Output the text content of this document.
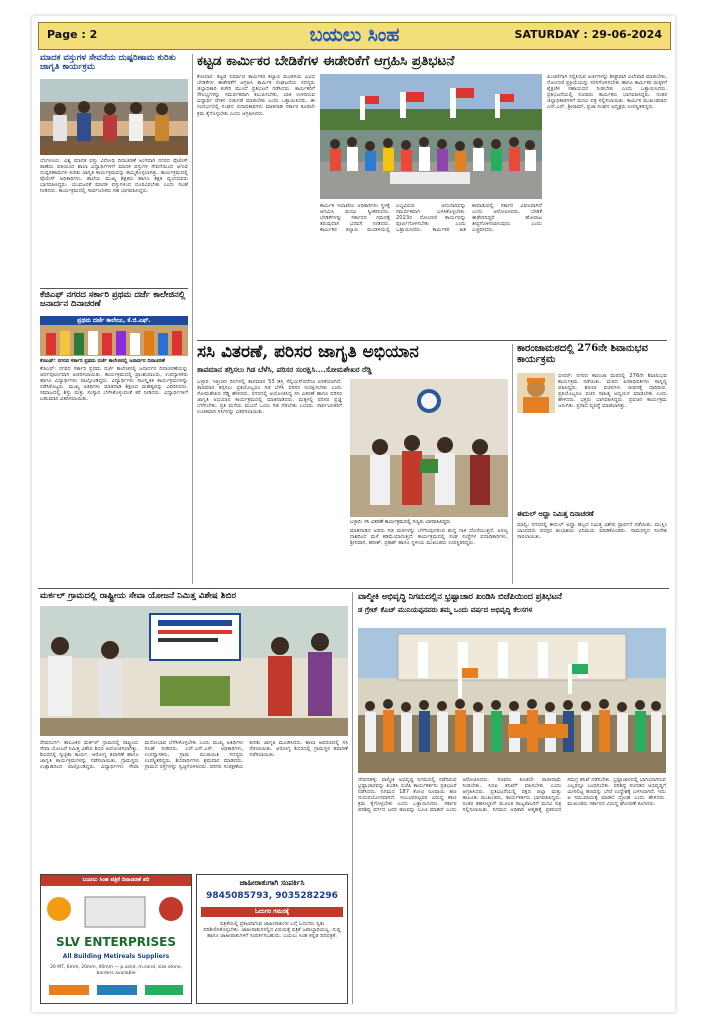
Page : 2	ಬಯಲು ಸಿಂಹ	SATURDAY : 29-06-2024
ಮಾದಕ ವಸ್ತುಗಳ ಸೇವನೆಯ ದುಷ್ಪರಿಣಾಮ ಕುರಿತು ಜಾಗೃತಿ ಕಾರ್ಯಕ್ರಮ
ಬೆಂಗಳೂರು: ವಿಶ್ವ ಮಾದಕ ವಸ್ತು ವಿರೋಧಿ ದಿನಾಚರಣೆ ಅಂಗವಾಗಿ ನಗರದ ಪೊಲೀಸ್ ಠಾಣೆಯ ವತಿಯಿಂದ ಶಾಲಾ ವಿದ್ಯಾರ್ಥಿಗಳಿಗೆ ಮಾದಕ ವಸ್ತುಗಳ ಸೇವನೆಯಿಂದ ಆಗುವ ದುಷ್ಪರಿಣಾಮಗಳ ಕುರಿತು ಜಾಗೃತಿ ಕಾರ್ಯಕ್ರಮವನ್ನು ಹಮ್ಮಿಕೊಳ್ಳಲಾಗಿತ್ತು. ಕಾರ್ಯಕ್ರಮದಲ್ಲಿ ಪೊಲೀಸ್ ಅಧಿಕಾರಿಗಳು, ಶಾಲೆಯ ಮುಖ್ಯ ಶಿಕ್ಷಕರು ಹಾಗೂ ಶಿಕ್ಷಕ ವೃಂದದವರು ಭಾಗವಹಿಸಿದ್ದರು. ಯುವಜನತೆ ಮಾದಕ ವಸ್ತುಗಳಿಂದ ದೂರವಿರಬೇಕು ಎಂದು ಸಲಹೆ ನೀಡಿದರು. ಕಾರ್ಯಕ್ರಮದಲ್ಲಿ ಸಾರ್ವಜನಿಕರು ಸಹ ಭಾಗವಹಿಸಿದ್ದರು.
ಕೆಜಿಎಫ್ ನಗರದ ಸರ್ಕಾರಿ ಪ್ರಥಮ ದರ್ಜೆ ಕಾಲೇಜಿನಲ್ಲಿ ಜನಾರ್ದನ ದಿನಾಚರಣೆ
ಪ್ರಥಮ ದರ್ಜೆ ಕಾಲೇಜು, ಕೆ.ಜಿ.ಎಫ್.
ಕೆಜಿಎಫ್: ನಗರದ ಸರ್ಕಾರಿ ಪ್ರಥಮ ದರ್ಜೆ ಕಾಲೇಜಿನಲ್ಲಿ ಜನಾರ್ದನ ದಿನಾಚರಣೆ
ಕೆಜಿಎಫ್: ನಗರದ ಸರ್ಕಾರಿ ಪ್ರಥಮ ದರ್ಜೆ ಕಾಲೇಜಿನಲ್ಲಿ ಜನಾರ್ದನ ದಿನಾಚರಣೆಯನ್ನು ಅರ್ಥಪೂರ್ಣವಾಗಿ ಆಚರಿಸಲಾಯಿತು. ಕಾರ್ಯಕ್ರಮದಲ್ಲಿ ಪ್ರಾಂಶುಪಾಲರು, ಉಪನ್ಯಾಸಕರು ಹಾಗೂ ವಿದ್ಯಾರ್ಥಿಗಳು ಪಾಲ್ಗೊಂಡಿದ್ದರು. ವಿದ್ಯಾರ್ಥಿಗಳು ಸಾಂಸ್ಕೃತಿಕ ಕಾರ್ಯಕ್ರಮಗಳನ್ನು ನಡೆಸಿಕೊಟ್ಟರು. ಮುಖ್ಯ ಅತಿಥಿಗಳು ಮಾತನಾಡಿ ಶಿಕ್ಷಣದ ಮಹತ್ವವನ್ನು ವಿವರಿಸಿದರು. ಸಮಾಜದಲ್ಲಿ ಶಿಸ್ತು ಮತ್ತು ಸಂಸ್ಕಾರ ಬೆಳೆಸಿಕೊಳ್ಳುವಂತೆ ಕರೆ ನೀಡಿದರು. ವಿದ್ಯಾರ್ಥಿಗಳಿಗೆ ಬಹುಮಾನ ವಿತರಿಸಲಾಯಿತು.
ಕಟ್ಟಡ ಕಾರ್ಮಿಕರ ಬೇಡಿಕೆಗಳ ಈಡೇರಿಕೆಗೆ ಆಗ್ರಹಿಸಿ ಪ್ರತಿಭಟನೆ
ಕೋಲಾರ: ಕಟ್ಟಡ ನಿರ್ಮಾಣ ಕಾರ್ಮಿಕರ ಕಲ್ಯಾಣ ಮಂಡಳಿಯ ವಿವಿಧ ಬೇಡಿಕೆಗಳ ಈಡೇರಿಕೆಗೆ ಆಗ್ರಹಿಸಿ ಕಾರ್ಮಿಕ ಸಂಘಟನೆಯ ಸದಸ್ಯರು ಜಿಲ್ಲಾಧಿಕಾರಿ ಕಚೇರಿ ಮುಂದೆ ಪ್ರತಿಭಟನೆ ನಡೆಸಿದರು. ಕಾರ್ಮಿಕರಿಗೆ ಸೌಲಭ್ಯಗಳನ್ನು ಸಮರ್ಪಕವಾಗಿ ತಲುಪಿಸಬೇಕು, ಬಾಕಿ ಉಳಿದಿರುವ ವಿದ್ಯಾರ್ಥಿ ವೇತನ ಬಿಡುಗಡೆ ಮಾಡಬೇಕು ಎಂದು ಒತ್ತಾಯಿಸಿದರು. ಈ ಸಂದರ್ಭದಲ್ಲಿ ಸಂಘದ ಪದಾಧಿಕಾರಿಗಳು ಮಾತನಾಡಿ ಸರ್ಕಾರ ಕೂಡಲೇ ಕ್ರಮ ಕೈಗೊಳ್ಳಬೇಕು ಎಂದು ಆಗ್ರಹಿಸಿದರು.
ಕಾರ್ಮಿಕ ಇಲಾಖೆಯ ಅಧಿಕಾರಿಗಳು ಸ್ಥಳಕ್ಕೆ ಆಗಮಿಸಿ ಮನವಿ ಸ್ವೀಕರಿಸಿದರು. ಬೇಡಿಕೆಗಳನ್ನು ಸರ್ಕಾರದ ಗಮನಕ್ಕೆ ತರುವುದಾಗಿ ಭರವಸೆ ನೀಡಿದರು. ಕಾರ್ಮಿಕರ ಕಲ್ಯಾಣ ಮಂಡಳಿಯಲ್ಲಿ ಲಭ್ಯವಿರುವ ಅನುದಾನವನ್ನು ಸಮರ್ಪಕವಾಗಿ ಬಳಸಿಕೊಳ್ಳಬೇಕು. 2023ರ ನೋಂದಣಿ ಕಾರ್ಯವನ್ನು ಪೂರ್ಣಗೊಳಿಸಬೇಕು ಎಂದು ಒತ್ತಾಯಿಸಿದರು. ಕಾರ್ಮಿಕರ ಹಿತ ಕಾಪಾಡುವಲ್ಲಿ ಸರ್ಕಾರ ವಿಫಲವಾಗಿದೆ ಎಂದು ಆರೋಪಿಸಿದರು. ಬೇಡಿಕೆ ಈಡೇರದಿದ್ದರೆ ಹೋರಾಟ ತೀವ್ರಗೊಳಿಸಲಾಗುವುದು ಎಂದು ಎಚ್ಚರಿಸಿದರು.
ಪಿಂಚಣಿಗಾಗಿ ಸಲ್ಲಿಸಿರುವ ಅರ್ಜಿಗಳನ್ನು ಶೀಘ್ರವಾಗಿ ವಿಲೇವಾರಿ ಮಾಡಬೇಕು, ನೋಂದಣಿ ಪ್ರಕ್ರಿಯೆಯನ್ನು ಸರಳಗೊಳಿಸಬೇಕು ಹಾಗೂ ಕಾರ್ಮಿಕರ ಮಕ್ಕಳಿಗೆ ಶೈಕ್ಷಣಿಕ ಸಹಾಯಧನ ನೀಡಬೇಕು ಎಂದು ಒತ್ತಾಯಿಸಿದರು. ಪ್ರತಿಭಟನೆಯಲ್ಲಿ ನೂರಾರು ಕಾರ್ಮಿಕರು ಭಾಗವಹಿಸಿದ್ದರು. ನಂತರ ಜಿಲ್ಲಾಧಿಕಾರಿಗಳಿಗೆ ಮನವಿ ಪತ್ರ ಸಲ್ಲಿಸಲಾಯಿತು. ಕಾರ್ಮಿಕ ಮುಖಂಡರಾದ ಎನ್.ಎನ್. ಶ್ರೀರಾಮ್, ಪ್ರಜಾ ಸಂಘದ ಅಧ್ಯಕ್ಷರು ಉಪಸ್ಥಿತರಿದ್ದರು.
ಸಸಿ ವಿತರಣೆ, ಪರಿಸರ ಜಾಗೃತಿ ಅಭಿಯಾನ
ತಾಪಮಾನ ತಗ್ಗಿಸಲು ಗಿಡ ಬೆಳೆಸಿ, ಪರಿಸರ ಸಂರಕ್ಷಿಸಿ....ಸೋಮಶೇಖರ ರೆಡ್ಡಿ
ಬಳ್ಳಾರಿ: ಇತ್ತೀಚಿನ ದಿನಗಳಲ್ಲಿ ತಾಪಮಾನ 53 ಡಿಗ್ರಿ ಸೆಲ್ಸಿಯಸ್‌ವರೆಗೂ ಏರಿಕೆಯಾಗಿದೆ. ತಾಪಮಾನ ತಗ್ಗಿಸಲು ಪ್ರತಿಯೊಬ್ಬರೂ ಗಿಡ ಬೆಳೆಸಿ ಪರಿಸರ ಸಂರಕ್ಷಿಸಬೇಕು ಎಂದು ಸೋಮಶೇಖರ ರೆಡ್ಡಿ ಹೇಳಿದರು. ನಗರದಲ್ಲಿ ಆಯೋಜಿಸಿದ್ದ ಸಸಿ ವಿತರಣೆ ಹಾಗೂ ಪರಿಸರ ಜಾಗೃತಿ ಅಭಿಯಾನ ಕಾರ್ಯಕ್ರಮದಲ್ಲಿ ಮಾತನಾಡಿದರು. ಮಕ್ಕಳಲ್ಲಿ ಪರಿಸರ ಪ್ರಜ್ಞೆ ಬೆಳೆಸಬೇಕು. ಪ್ರತಿ ಮನೆಯ ಮುಂದೆ ಒಂದು ಗಿಡ ನೆಡಬೇಕು ಎಂದರು. ಸಾರ್ವಜನಿಕರಿಗೆ ಉಚಿತವಾಗಿ ಸಸಿಗಳನ್ನು ವಿತರಿಸಲಾಯಿತು.
ಬಳ್ಳಾರಿ: ಸಸಿ ವಿತರಣೆ ಕಾರ್ಯಕ್ರಮದಲ್ಲಿ ಗಣ್ಯರು ಭಾಗವಹಿಸಿದ್ದರು
ಮಾತನಾಡಿದ ಅವರು ಗಿಡ ಮರಗಳನ್ನು ಬೆಳೆಸುವುದರಿಂದ ಶುದ್ಧ ಗಾಳಿ ದೊರೆಯುತ್ತದೆ. ಅರಣ್ಯ ನಾಶದಿಂದ ಮಳೆ ಕಡಿಮೆಯಾಗುತ್ತಿದೆ. ಕಾರ್ಯಕ್ರಮದಲ್ಲಿ ಸಂಘ ಸಂಸ್ಥೆಗಳ ಪದಾಧಿಕಾರಿಗಳು, ಶ್ರೀನಿವಾಸ, ಹರೀಶ್, ಪ್ರಕಾಶ್ ಹಾಗೂ ಸ್ಥಳೀಯ ಮುಖಂಡರು ಉಪಸ್ಥಿತರಿದ್ದರು.
ಕಾರಂಜಾಮಠದಲ್ಲಿ 276ನೇ ಶಿವಾನುಭವ ಕಾರ್ಯಕ್ರಮ
ಬೀದರ್: ನಗರದ ಕಾರಂಜಾ ಮಠದಲ್ಲಿ 276ನೇ ಶಿವಾನುಭವ ಕಾರ್ಯಕ್ರಮ ನಡೆಯಿತು. ಮಠದ ಪೀಠಾಧಿಪತಿಗಳು ಸಾನ್ನಿಧ್ಯ ವಹಿಸಿದ್ದರು. ಶರಣರ ವಚನಗಳು ಜೀವನಕ್ಕೆ ದಾರಿದೀಪ. ಪ್ರತಿಯೊಬ್ಬರೂ ವಚನ ಸಾಹಿತ್ಯ ಅಧ್ಯಯನ ಮಾಡಬೇಕು ಎಂದು ಹೇಳಿದರು. ಭಕ್ತರು ಭಾಗವಹಿಸಿದ್ದರು. ಪ್ರವಚನ ಕಾರ್ಯಕ್ರಮ ಜರುಗಿತು. ಪ್ರಸಾದ ವ್ಯವಸ್ಥೆ ಮಾಡಲಾಗಿತ್ತು.
ಈದುಲ್ ಅದ್ಹಾ ನಿಮಿತ್ತ ದಿನಾಚರಣೆ
ಮಾನ್ವಿ: ನಗರದಲ್ಲಿ ಈದುಲ್ ಅದ್ಹಾ ಹಬ್ಬದ ನಿಮಿತ್ತ ವಿಶೇಷ ಪ್ರಾರ್ಥನೆ ನಡೆಯಿತು. ಮುಸ್ಲಿಂ ಬಾಂಧವರು ಪರಸ್ಪರ ಶುಭಾಶಯ ವಿನಿಮಯ ಮಾಡಿಕೊಂಡರು. ಸಾಮರಸ್ಯದ ಸಂದೇಶ ಸಾರಲಾಯಿತು.
ಮರ್ಕಲ್ ಗ್ರಾಮದಲ್ಲಿ ರಾಷ್ಟ್ರೀಯ ಸೇವಾ ಯೋಜನೆ ನಿಮಿತ್ತ ವಿಶೇಷ ಶಿಬಿರ
ದೇವದುರ್ಗ: ತಾಲೂಕಿನ ಮರ್ಕಲ್ ಗ್ರಾಮದಲ್ಲಿ ರಾಷ್ಟ್ರೀಯ ಸೇವಾ ಯೋಜನೆ ನಿಮಿತ್ತ ವಿಶೇಷ ಶಿಬಿರ ಆಯೋಜಿಸಲಾಗಿತ್ತು. ಶಿಬಿರದಲ್ಲಿ ಸ್ವಚ್ಛತಾ ಕಾರ್ಯ, ಆರೋಗ್ಯ ತಪಾಸಣೆ ಹಾಗೂ ಜಾಗೃತಿ ಕಾರ್ಯಕ್ರಮಗಳನ್ನು ನಡೆಸಲಾಯಿತು. ಗ್ರಾಮಸ್ಥರು ಉತ್ಸಾಹದಿಂದ ಪಾಲ್ಗೊಂಡಿದ್ದರು. ವಿದ್ಯಾರ್ಥಿಗಳು ಸೇವಾ ಮನೋಭಾವ ಬೆಳೆಸಿಕೊಳ್ಳಬೇಕು ಎಂದು ಮುಖ್ಯ ಅತಿಥಿಗಳು ಸಲಹೆ ನೀಡಿದರು. ಎನ್.ಎಸ್.ಎಸ್. ಅಧಿಕಾರಿಗಳು, ಉಪನ್ಯಾಸಕರು, ಗ್ರಾಮ ಪಂಚಾಯಿತಿ ಸದಸ್ಯರು ಉಪಸ್ಥಿತರಿದ್ದರು. ಶಿಬಿರಾರ್ಥಿಗಳು ಶ್ರಮದಾನ ಮಾಡಿದರು. ಗ್ರಾಮದ ರಸ್ತೆಗಳನ್ನು ಸ್ವಚ್ಛಗೊಳಿಸಿದರು. ಪರಿಸರ ಸಂರಕ್ಷಣೆಯ ಕುರಿತು ಜಾಗೃತಿ ಮೂಡಿಸಿದರು. ಶಾಲಾ ಆವರಣದಲ್ಲಿ ಸಸಿ ನೆಡಲಾಯಿತು. ಆರೋಗ್ಯ ಶಿಬಿರದಲ್ಲಿ ಗ್ರಾಮಸ್ಥರ ತಪಾಸಣೆ ನಡೆಸಲಾಯಿತು.
ಬಯಲು ಸಿಂಹ ಪತ್ರಿಕೆ ದಿನಾಚರಣೆ ಪರಿ
SLV ENTERPRISES
All Building Metireals Suppliers
20 MT, 6mm, 20mm, 40mm — p.sand, m.sand, size stone, borders available
ಜಾಹೀರಾತುಗಾಗಿ ಸಂಪರ್ಕಿಸಿ
9845085793, 9035282296
ಓದುಗರ ಗಮನಕ್ಕೆ
ಪತ್ರಿಕೆಯಲ್ಲಿ ಪ್ರಕಟವಾಗುವ ಜಾಹೀರಾತುಗಳ ಬಗ್ಗೆ ಓದುಗರು ಸ್ವತಃ ಪರಿಶೀಲಿಸಿಕೊಳ್ಳಬೇಕು. ಜಾಹೀರಾತುಗಳಲ್ಲಿನ ವಿಷಯಕ್ಕೆ ಪತ್ರಿಕೆ ಜವಾಬ್ದಾರಿಯಲ್ಲ. ಸುದ್ದಿ ಹಾಗೂ ಜಾಹೀರಾತುಗಳಿಗೆ ಸಂಪರ್ಕಿಸಬಹುದು. ಬಯಲು ಸಿಂಹ ಕನ್ನಡ ದಿನಪತ್ರಿಕೆ.
ವಾಲ್ಮೀಕಿ ಅಭಿವೃದ್ಧಿ ನಿಗಮದಲ್ಲಿನ ಭ್ರಷ್ಟಾಚಾರ ಖಂಡಿಸಿ ಬಿಜೆಪಿಯಿಂದ ಪ್ರತಿಭಟನೆ
ಡ ಗ್ರೇಟ್ ಕೆಎಚ್ ಮುನಿಯಪ್ಪನವರು ತಮ್ಮ ಒಂದು ವರ್ಷದ ಅಭಿವೃದ್ಧಿ ಕೆಲಸಗಳ
ದೇವನಹಳ್ಳಿ: ವಾಲ್ಮೀಕಿ ಅಭಿವೃದ್ಧಿ ನಿಗಮದಲ್ಲಿ ನಡೆದಿರುವ ಭ್ರಷ್ಟಾಚಾರವನ್ನು ಖಂಡಿಸಿ ಬಿಜೆಪಿ ಕಾರ್ಯಕರ್ತರು ಪ್ರತಿಭಟನೆ ನಡೆಸಿದರು. ನಿಗಮದ 187 ಕೋಟಿ ರೂಪಾಯಿ ಹಣ ದುರುಪಯೋಗವಾಗಿದೆ. ಸಂಬಂಧಪಟ್ಟವರ ವಿರುದ್ಧ ಕಠಿಣ ಕ್ರಮ ಕೈಗೊಳ್ಳಬೇಕು ಎಂದು ಒತ್ತಾಯಿಸಿದರು. ಸರ್ಕಾರ ಪರಿಶಿಷ್ಟ ವರ್ಗದ ಜನರ ಹಣವನ್ನು ಲೂಟಿ ಮಾಡಿದೆ ಎಂದು ಆರೋಪಿಸಿದರು. ಸಚಿವರು ಕೂಡಲೇ ರಾಜೀನಾಮೆ ನೀಡಬೇಕು. ಸಿಬಿಐ ತನಿಖೆಗೆ ವಹಿಸಬೇಕು ಎಂದು ಆಗ್ರಹಿಸಿದರು. ಪ್ರತಿಭಟನೆಯಲ್ಲಿ ಪಕ್ಷದ ಜಿಲ್ಲಾ ಮತ್ತು ತಾಲೂಕು ಮುಖಂಡರು, ಕಾರ್ಯಕರ್ತರು ಭಾಗವಹಿಸಿದ್ದರು. ನಂತರ ತಹಸೀಲ್ದಾರ್ ಮೂಲಕ ರಾಜ್ಯಪಾಲರಿಗೆ ಮನವಿ ಪತ್ರ ಸಲ್ಲಿಸಲಾಯಿತು. ನಿಗಮದ ಅಧಿಕಾರಿ ಆತ್ಮಹತ್ಯೆ ಪ್ರಕರಣದ ಸಮಗ್ರ ತನಿಖೆ ನಡೆಸಬೇಕು. ಭ್ರಷ್ಟಾಚಾರದಲ್ಲಿ ಭಾಗಿಯಾಗಿರುವ ಎಲ್ಲರನ್ನೂ ಬಂಧಿಸಬೇಕು. ಪರಿಶಿಷ್ಟ ಪಂಗಡದ ಅಭಿವೃದ್ಧಿಗೆ ಮೀಸಲಿಟ್ಟ ಹಣವನ್ನು ಬೇರೆ ಉದ್ದೇಶಕ್ಕೆ ಬಳಸಲಾಗಿದೆ. ಇದು ಆ ಸಮುದಾಯಕ್ಕೆ ಮಾಡಿದ ದ್ರೋಹ ಎಂದು ಹೇಳಿದರು. ಮುಖಂಡರು ಸರ್ಕಾರದ ವಿರುದ್ಧ ಘೋಷಣೆ ಕೂಗಿದರು.
